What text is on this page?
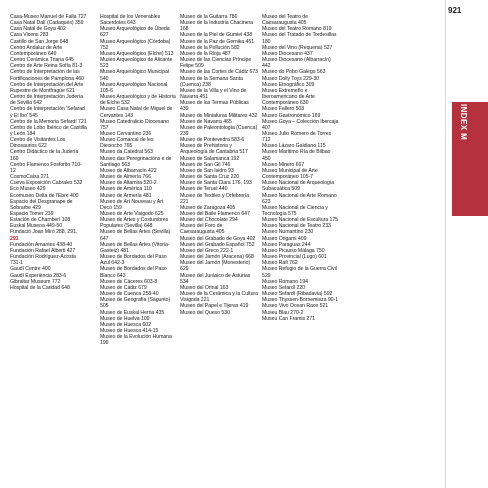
921
INDEX M
Casa-Museo Manuel de Falla 727
Casa Natal Dalí (Cadaqués) 359
Casa Natal de Goya 402
Casa Vicens 283
Castillo de San Jorge 648
Centro Andaluz de Arte Contemporáneo 649
Centro Cerámica Triana 645
Centro de Arte Reina Sofía 81-3
Centro de Interpretación de las Fortificaciones de Pamplona 460
Centro de Interpretación del Arte Rupestre de Montfragüe 621
Centro de Interpretación Judería de Sevilla 642
Centro de Interpretación 'Sefarad y El Ibo' 545
Centro de la Memoria Sefardí 721
Centro de Lobo Ibérico de Castilla y León 184
Centro de Visitantes Los Dinosaurios 622
Centro Didáctico de la Judería 169
Centro Flamenco Fosforito 710-12
CosmoCaixa 271
Cueva Exposición Cabrales 532
Eco Museo 429
Ecomuseo Delta de l'Ebre 400
Espacio del Desgranape de Sobrarbe 429
Espacio Tomer 239
Estación de Chamberí 108
Euskal Museoa 449-50
Fundació Joan Miró 288, 291, 291
Fundación Amantes 438-40
Fundación Rafael Alberti 427
Fundación Rodríguez-Acosta 731-1
Gaudí Centre 400
Gaudí Experiència 283-6
Gibraltar Museum 772
Hospital de la Caridad 648
Hospital de los Venerables Sacerdotes 643
Museo Arqueológico de Úbeda 627
Museo Arqueológico (Córdoba) 752
Museo Arqueológico (Elche) 513
Museo Arqueológico de Alicante 523
Museo Arqueológico Municipal 540
Museo Arqueológico Nacional 105-6
Museo Arqueológico y de Historia de Elche 532
Museo Casa Natal de Miguel de Cervantes 143
Museo Catedralicio Diocesano 757
Museo Cervantino 236
Museo Comarcal de les Dieciocho 765
Museo da Catedral 563
Museo das Peregrinacións e de Santiago 563
Museo de Albarracín 422
Museo de Almería 766
Museo de Altamira 520-2
Museo de América 110
Museo de Armería 481
Museo de Art Nouveau y Art Decó 159
Museo de Arte Visigodo 625
Museo de Artes y Costumbres Populares (Sevilla) 648
Museo de Bellas Artes (Sevilla) 647
Museo de Bellas Artes (Vitoria-Gasteiz) 481
Museo de Bordados del Paso Azul 642-3
Museo de Bordados del Paso Blanco 643
Museo de Cáceres 603-8
Museo de Cádiz 679
Museo de Cuenca 258-40
Museo de Geografía (Sagunto) 505
Museo de Euskal Herria 435
Museo de Huelva 109
Museo de Huesca 602
Museo de Huesca 414-15
Museo de la Evolución Humana 199
Museo de la Guitarra 786
Museo de la Industria Chacinera 168
Museo de la Piel de Gumiel 438
Museo de la Paz de Gernika 451
Museo de la Pollución 582
Museo de la Rioja 487
Museo de las Ciencias Príncipe Felipe 509
Museo de las Cortes de Cádiz 673
Museo de la Semana Santa (Cuenca) 238
Museo de la Villa y el Vino de Navarra 451
Museo de las Termas Públicas 439
Museo de Miniaturas Militares 432
Museo de Navarra 465
Museo de Paleontología (Cuenca) 239
Museo de Pontevedra 583-6
Museo de Prehistoria y Arqueología de Cantabria 517
Museo de Salamanca 192
Museo de San Gil 746
Museo de San Isidro 93
Museo de Santa Cruz 220
Museo de Santa Clara 176, 193
Museo de Teruel 440
Museo de Textiles y Orfebrería 221
Museo de Zaragoza 405
Museo del Baile Flamenco 647
Museo del Chocolate 294
Museo del Foro de Caesaraugusta 405
Museo del Grabado de Goya 402
Museo del Grabado Español 752
Museo del Greco 222-1
Museo del Jamón (Aracena) 668
Museo del Jamón (Monesterio) 629
Museo del Jurásico de Asturias 534
Museo del Orinal 163
Museo de la Cerámica y la Cultura Visigoda 221
Museo del Papel e Tijeras 419
Museo del Queso 530
Museo del Teatro de Caesaraugusta 405
Museo del Teatro Romano 819
Museo del Tratado de Tordesillas 180
Museo del Vino (Requena) 527
Museo Diocesano 437
Museo Diocesano (Albarracín) 442
Museo do Pobo Galego 563
Museo Dolly Toys 229-30
Museo Etnográfico 309
Museo Extremeño e Iberoamericano de Arte Contemporáneo 630
Museo Fallero 503
Museo Gastronómico 169
Museo Goya – Colección Ibercaja 407
Museo Julio Romero de Torres 712
Museo Lázaro Galdiano 115
Museo Marítimo Ría de Bilbao 450
Museo Minero 667
Museo Municipal de Arte Contemporáneo 105-7
Museo Nacional de Arqueología Subacuática 509
Museo Nacional de Arte Romano 623
Museo Nacional de Ciencia y Tecnología 575
Museo Nacional de Escultura 175
Museo Nacional de Teatro 233
Museo Numantino 230
Museo Origami 409
Museo Paraguas 244
Museo Picasso Málaga 750
Museo Provincial (Lugo) 601
Museo Rafi 762
Museo Refugio de la Guerra Civil 529
Museo Romano 194
Museo Sefardí 220
Museo Sefardí (Ribadavia) 592
Museo Thyssen-Bornemisza 90-1
Museo Vivo Ocean Race 521
Museu Blau 270-2
Museu Can Framis 271
